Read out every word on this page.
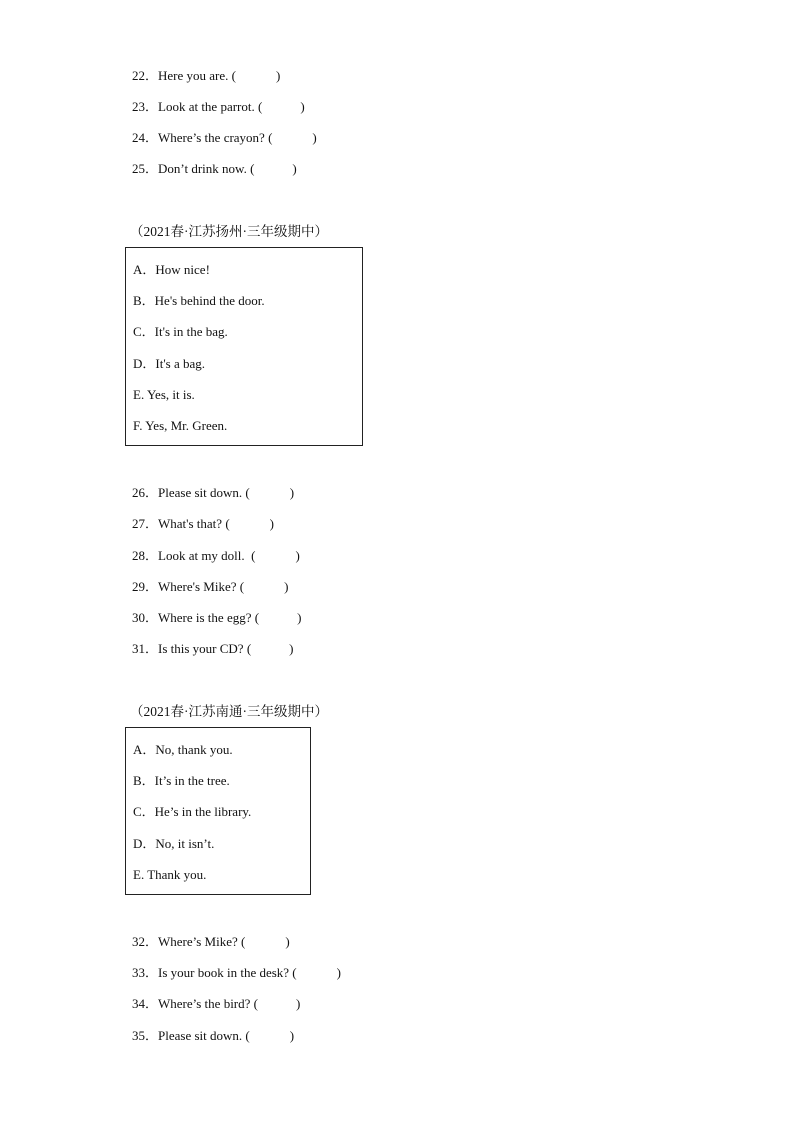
22．Here you are. (	)
23．Look at the parrot. (	)
24．Where’s the crayon? (	)
25．Don’t drink now. (	)
（2021春·江苏扬州·三年级期中）
A．How nice!
B．He's behind the door.
C．It's in the bag.
D．It's a bag.
E. Yes, it is.
F. Yes, Mr. Green.
26．Please sit down. (	)
27．What's that? (	)
28．Look at my doll.  (	)
29．Where's Mike? (	)
30．Where is the egg? (	)
31．Is this your CD? (	)
（2021春·江苏南通·三年级期中）
A．No, thank you.
B．It’s in the tree.
C．He’s in the library.
D．No, it isn’t.
E. Thank you.
32．Where’s Mike? (	)
33．Is your book in the desk? (	)
34．Where’s the bird? (	)
35．Please sit down. (	)
